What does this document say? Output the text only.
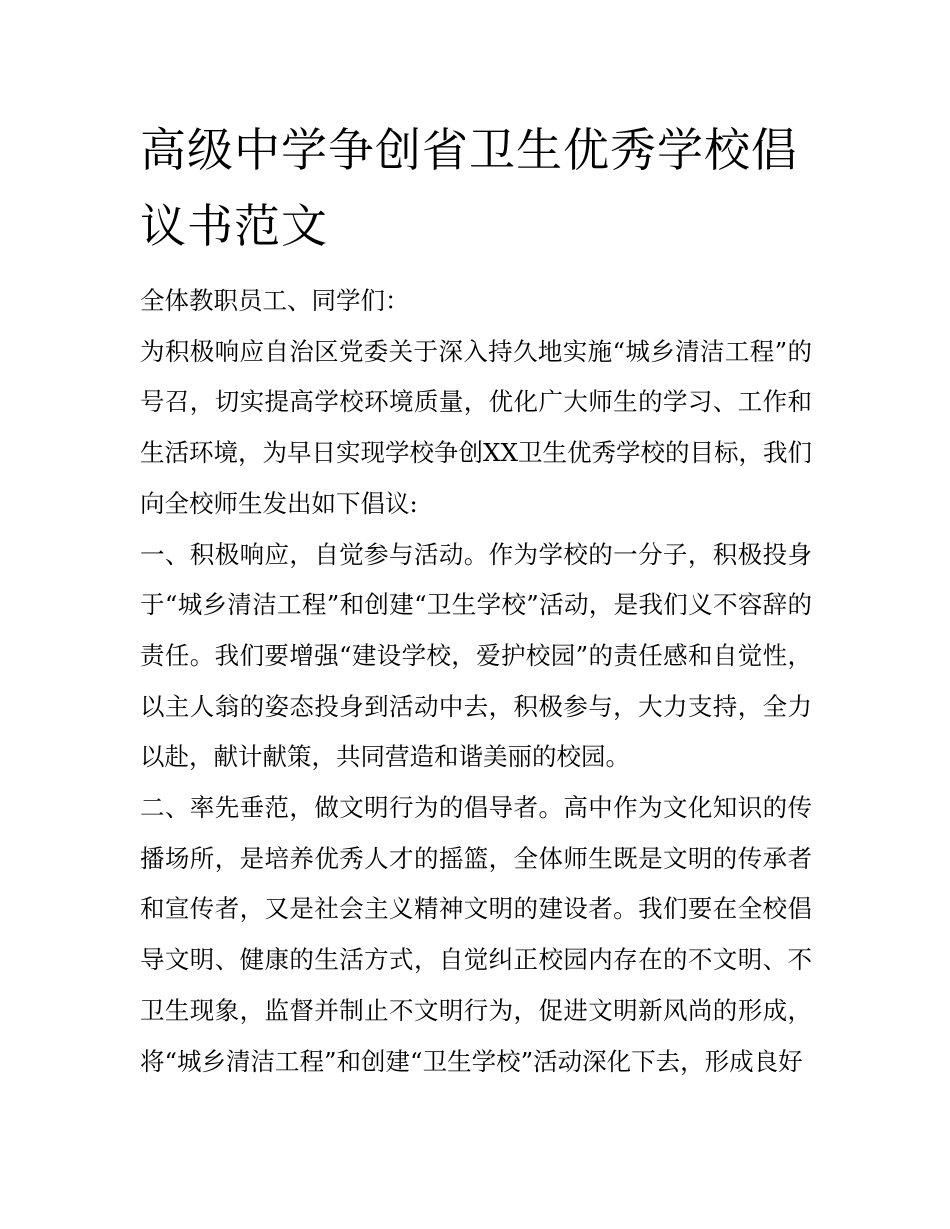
高级中学争创省卫生优秀学校倡议书范文

全体教职员工、同学们：

为积极响应自治区党委关于深入持久地实施“城乡清洁工程”的号召，切实提高学校环境质量，优化广大师生的学习、工作和生活环境，为早日实现学校争创XX卫生优秀学校的目标，我们向全校师生发出如下倡议:

一、积极响应，自觉参与活动。作为学校的一分子，积极投身于“城乡清洁工程”和创建“卫生学校”活动，是我们义不容辞的责任。我们要增强“建设学校，爱护校园”的责任感和自觉性，以主人翁的姿态投身到活动中去，积极参与，大力支持，全力以赴，献计献策，共同营造和谐美丽的校园。

二、率先垂范，做文明行为的倡导者。高中作为文化知识的传播场所，是培养优秀人才的摇篮，全体师生既是文明的传承者和宣传者，又是社会主义精神文明的建设者。我们要在全校倡导文明、健康的生活方式，自觉纠正校园内存在的不文明、不卫生现象，监督并制止不文明行为，促进文明新风尚的形成，将“城乡清洁工程”和创建“卫生学校”活动深化下去，形成良好
